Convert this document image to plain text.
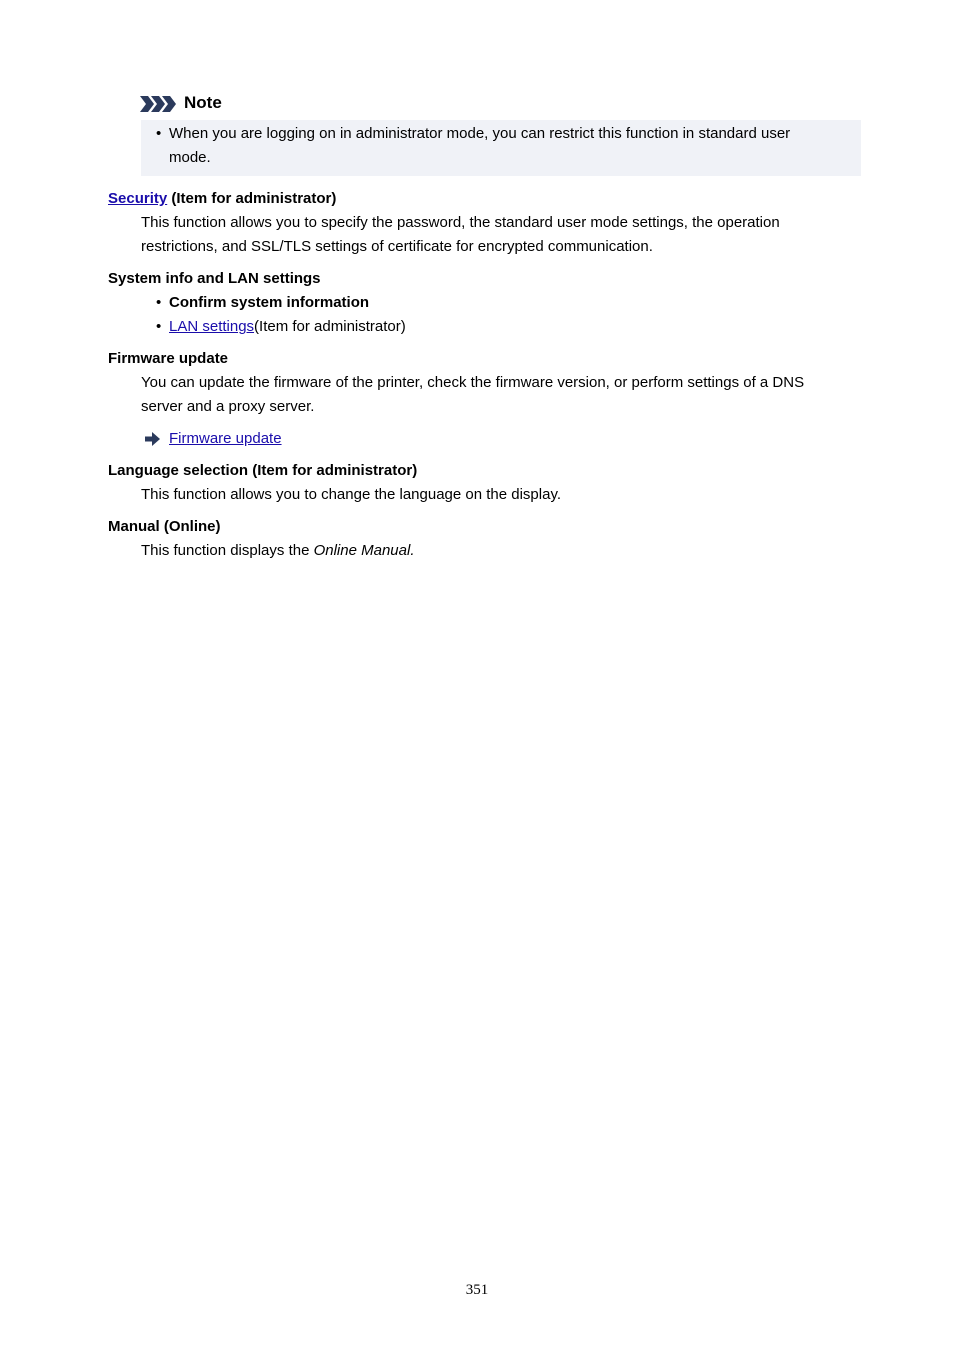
Note
• When you are logging on in administrator mode, you can restrict this function in standard user
mode.
Security (Item for administrator)
This function allows you to specify the password, the standard user mode settings, the operation
restrictions, and SSL/TLS settings of certificate for encrypted communication.
System info and LAN settings
• Confirm system information
• LAN settings(Item for administrator)
Firmware update
You can update the firmware of the printer, check the firmware version, or perform settings of a DNS
server and a proxy server.
Firmware update
Language selection (Item for administrator)
This function allows you to change the language on the display.
Manual (Online)
This function displays the Online Manual.
351
